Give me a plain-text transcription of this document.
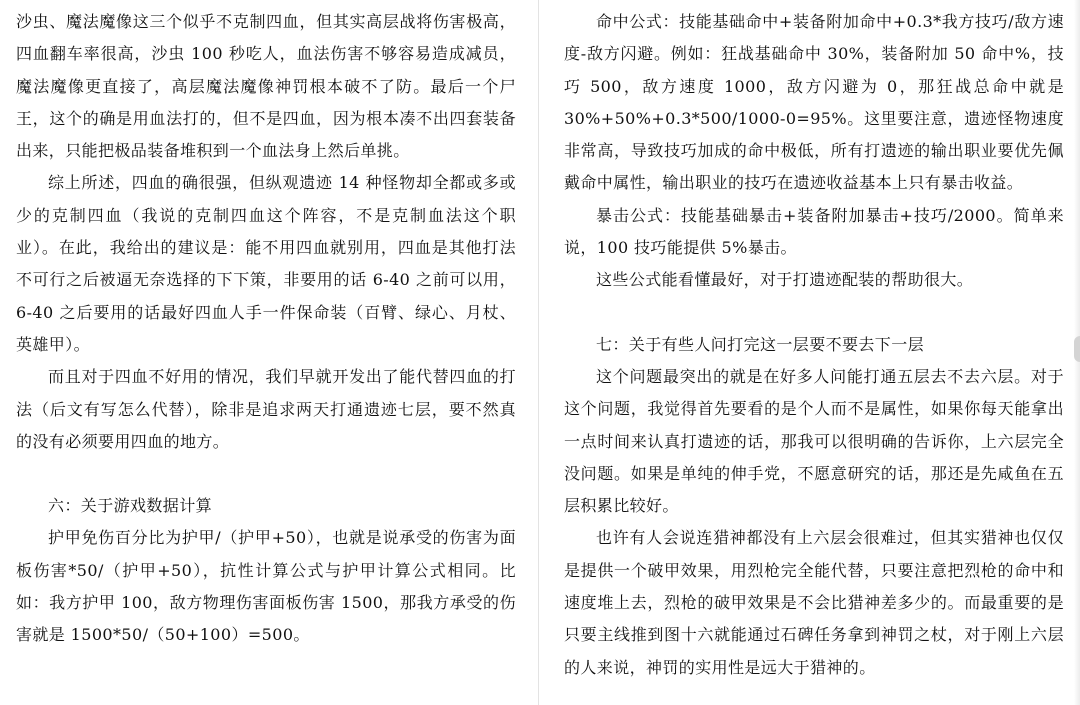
沙虫、魔法魔像这三个似乎不克制四血，但其实高层战将伤害极高，四血翻车率很高，沙虫 100 秒吃人，血法伤害不够容易造成减员，魔法魔像更直接了，高层魔法魔像神罚根本破不了防。最后一个尸王，这个的确是用血法打的，但不是四血，因为根本凑不出四套装备出来，只能把极品装备堆积到一个血法身上然后单挑。

综上所述，四血的确很强，但纵观遗迹 14 种怪物却全都或多或少的克制四血（我说的克制四血这个阵容，不是克制血法这个职业）。在此，我给出的建议是：能不用四血就别用，四血是其他打法不可行之后被逼无奈选择的下下策，非要用的话 6-40 之前可以用，6-40 之后要用的话最好四血人手一件保命装（百臂、绿心、月杖、英雄甲）。

而且对于四血不好用的情况，我们早就开发出了能代替四血的打法（后文有写怎么代替），除非是追求两天打通遗迹七层，要不然真的没有必须要用四血的地方。

六：关于游戏数据计算

护甲免伤百分比为护甲/（护甲+50），也就是说承受的伤害为面板伤害*50/（护甲+50），抗性计算公式与护甲计算公式相同。比如：我方护甲 100，敌方物理伤害面板伤害 1500，那我方承受的伤害就是 1500*50/（50+100）=500。

命中公式：技能基础命中+装备附加命中+0.3*我方技巧/敌方速度-敌方闪避。例如：狂战基础命中 30%，装备附加 50 命中%，技巧 500，敌方速度 1000，敌方闪避为 0，那狂战总命中就是 30%+50%+0.3*500/1000-0=95%。这里要注意，遗迹怪物速度非常高，导致技巧加成的命中极低，所有打遗迹的输出职业要优先佩戴命中属性，输出职业的技巧在遗迹收益基本上只有暴击收益。

暴击公式：技能基础暴击+装备附加暴击+技巧/2000。简单来说，100 技巧能提供 5%暴击。

这些公式能看懂最好，对于打遗迹配装的帮助很大。

七：关于有些人问打完这一层要不要去下一层

这个问题最突出的就是在好多人问能打通五层去不去六层。对于这个问题，我觉得首先要看的是个人而不是属性，如果你每天能拿出一点时间来认真打遗迹的话，那我可以很明确的告诉你，上六层完全没问题。如果是单纯的伸手党，不愿意研究的话，那还是先咸鱼在五层积累比较好。

也许有人会说连猎神都没有上六层会很难过，但其实猎神也仅仅是提供一个破甲效果，用烈枪完全能代替，只要注意把烈枪的命中和速度堆上去，烈枪的破甲效果是不会比猎神差多少的。而最重要的是只要主线推到图十六就能通过石碑任务拿到神罚之杖，对于刚上六层的人来说，神罚的实用性是远大于猎神的。
